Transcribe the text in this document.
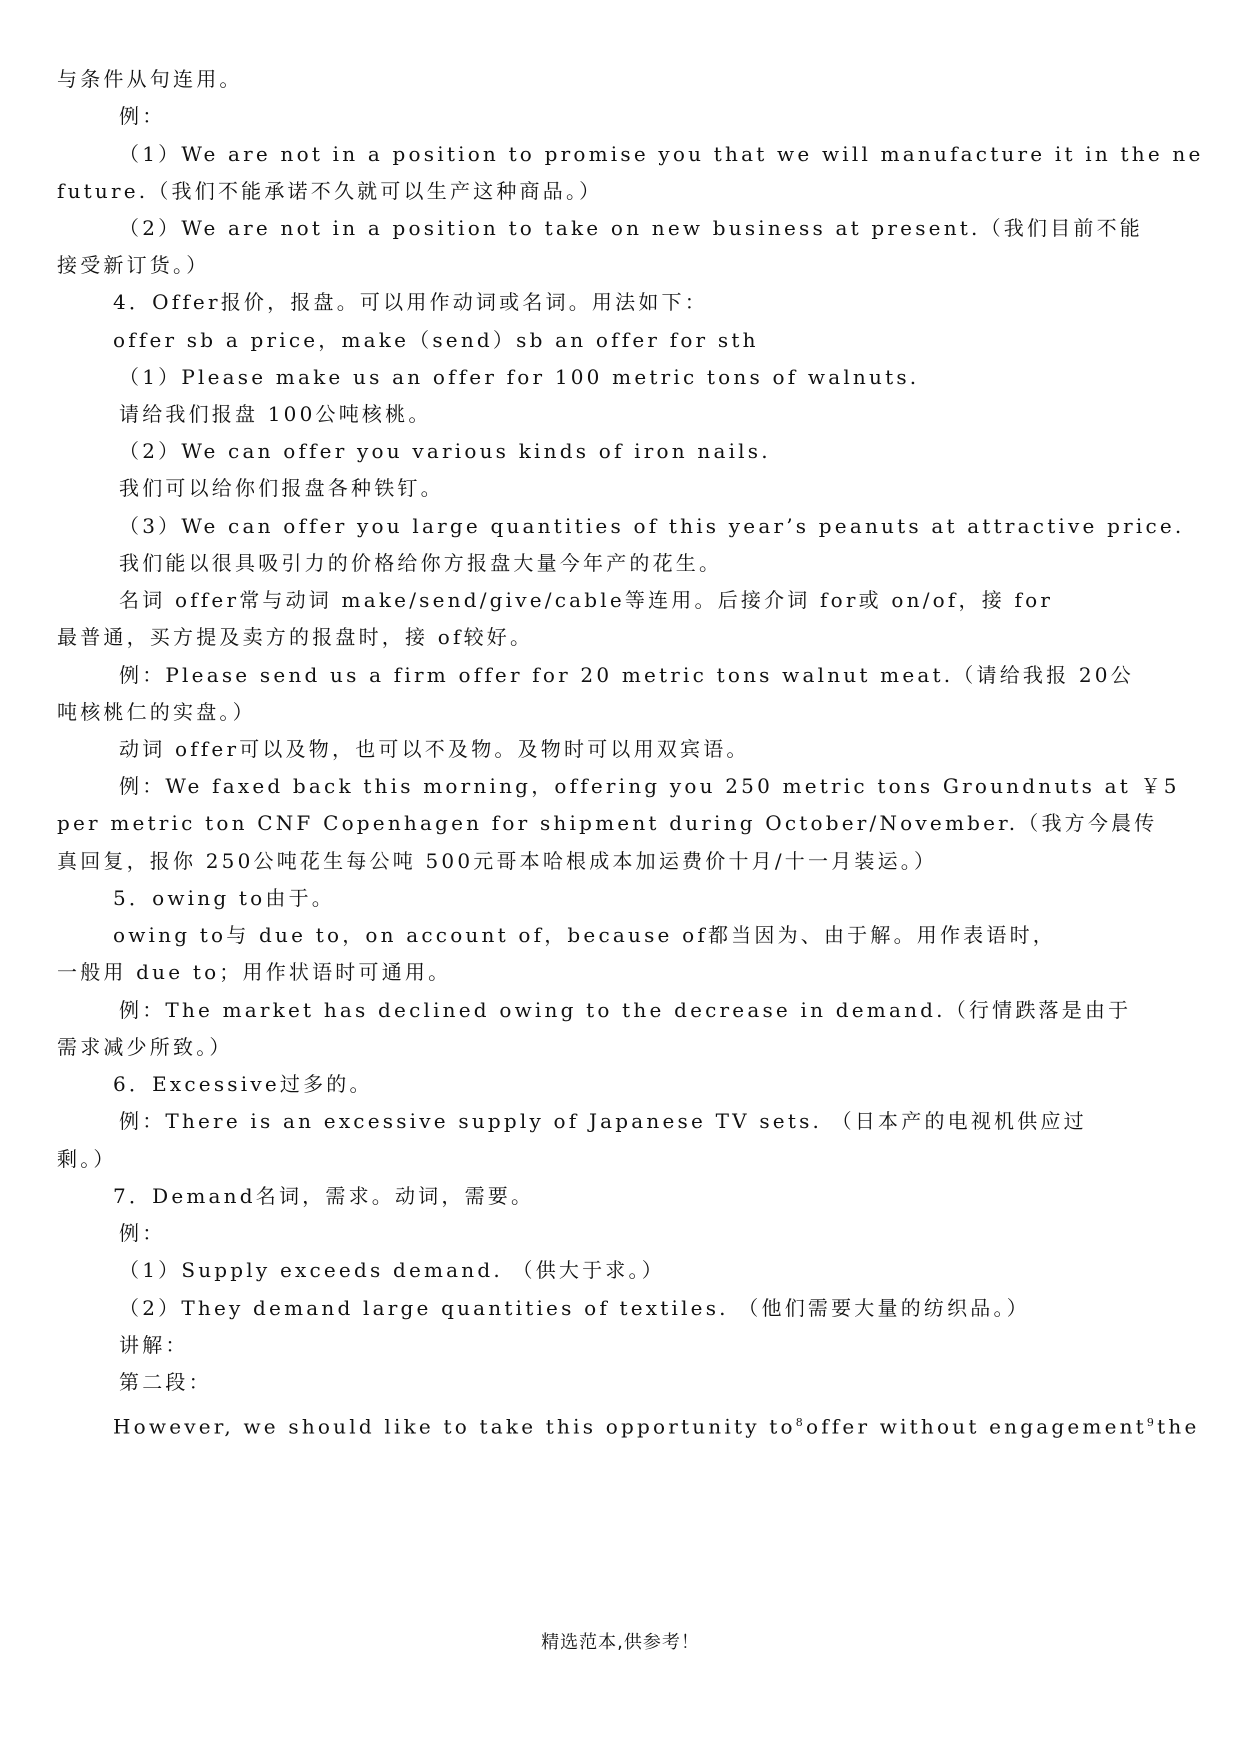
与条件从句连用。
例：
（1）We are not in a position to promise you that we will manufacture it in the ne
future.（我们不能承诺不久就可以生产这种商品。）
（2）We are not in a position to take on new business at present.（我们目前不能
接受新订货。）
4．Offer报价，报盘。可以用作动词或名词。用法如下：
offer sb a price，make（send）sb an offer for sth
（1）Please make us an offer for 100 metric tons of walnuts.
请给我们报盘 100公吨核桃。
（2）We can offer you various kinds of iron nails.
我们可以给你们报盘各种铁钉。
（3）We can offer you large quantities of this year’s peanuts at attractive price.
我们能以很具吸引力的价格给你方报盘大量今年产的花生。
名词 offer常与动词 make/send/give/cable等连用。后接介词 for或 on/of，接 for
最普通，买方提及卖方的报盘时，接 of较好。
例：Please send us a firm offer for 20 metric tons walnut meat.（请给我报 20公
吨核桃仁的实盘。）
动词 offer可以及物，也可以不及物。及物时可以用双宾语。
例：We faxed back this morning，offering you 250 metric tons Groundnuts at ￥5
per metric ton CNF Copenhagen for shipment during October/November.（我方今晨传
真回复，报你 250公吨花生每公吨 500元哥本哈根成本加运费价十月/十一月装运。）
5．owing to由于。
owing to与 due to，on account of，because of都当因为、由于解。用作表语时，
一般用 due to；用作状语时可通用。
例：The market has declined owing to the decrease in demand.（行情跌落是由于
需求减少所致。）
6．Excessive过多的。
例：There is an excessive supply of Japanese TV sets. （日本产的电视机供应过
剩。）
7．Demand名词，需求。动词，需要。
例：
（1）Supply exceeds demand. （供大于求。）
（2）They demand large quantities of textiles. （他们需要大量的纺织品。）
讲解：
第二段：
However, we should like to take this opportunity $to^8offer$ without engagement$^9$the
精选范本,供参考！
